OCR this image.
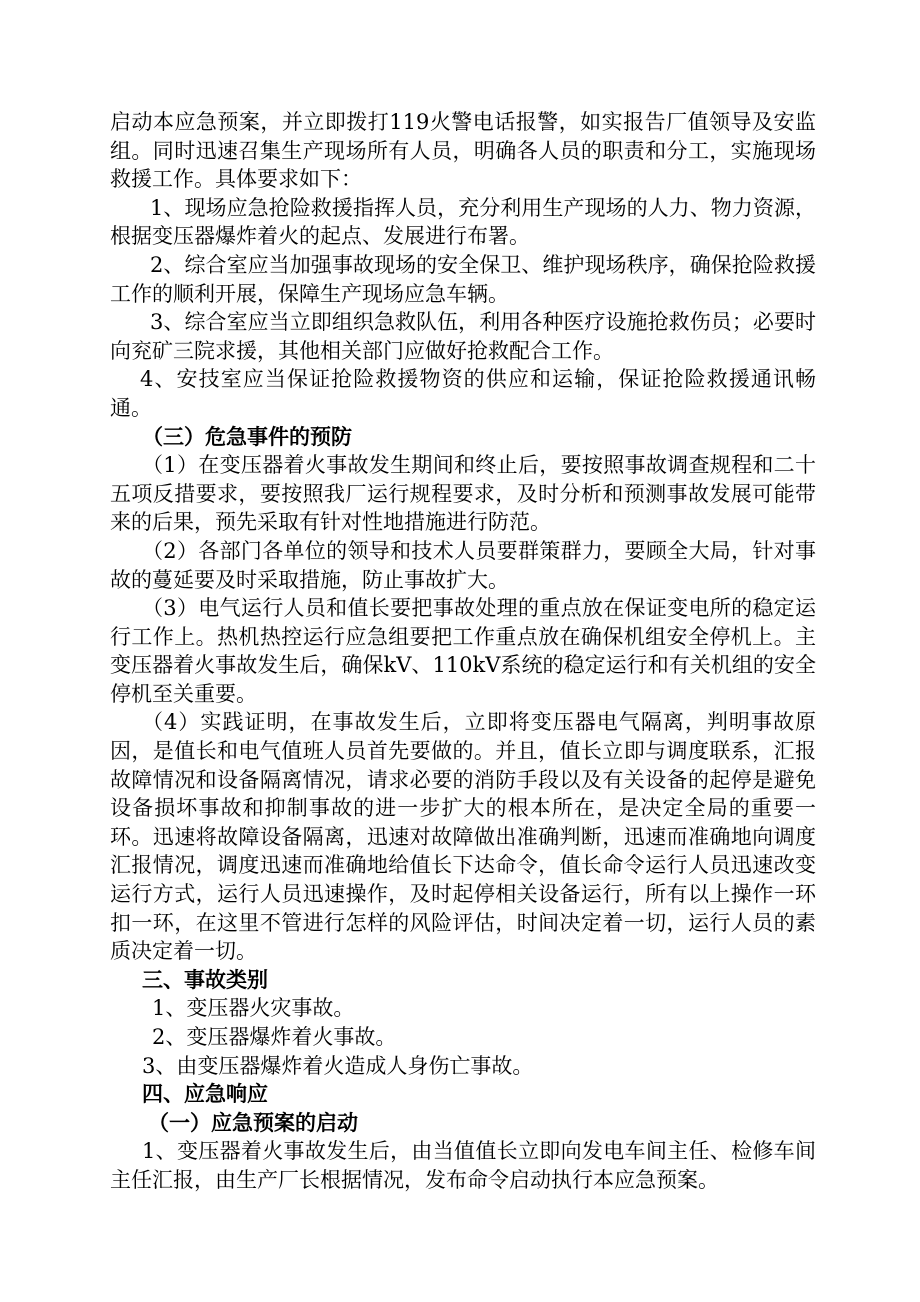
启动本应急预案，并立即拨打119火警电话报警，如实报告厂值领导及安监组。同时迅速召集生产现场所有人员，明确各人员的职责和分工，实施现场救援工作。具体要求如下：

1、现场应急抢险救援指挥人员，充分利用生产现场的人力、物力资源，根据变压器爆炸着火的起点、发展进行布署。

2、综合室应当加强事故现场的安全保卫、维护现场秩序，确保抢险救援工作的顺利开展，保障生产现场应急车辆。

3、综合室应当立即组织急救队伍，利用各种医疗设施抢救伤员；必要时向兖矿三院求援，其他相关部门应做好抢救配合工作。

4、安技室应当保证抢险救援物资的供应和运输，保证抢险救援通讯畅通。

（三）危急事件的预防

（1）在变压器着火事故发生期间和终止后，要按照事故调查规程和二十五项反措要求，要按照我厂运行规程要求，及时分析和预测事故发展可能带来的后果，预先采取有针对性地措施进行防范。

（2）各部门各单位的领导和技术人员要群策群力，要顾全大局，针对事故的蔓延要及时采取措施，防止事故扩大。

（3）电气运行人员和值长要把事故处理的重点放在保证变电所的稳定运行工作上。热机热控运行应急组要把工作重点放在确保机组安全停机上。主变压器着火事故发生后，确保kV、110kV系统的稳定运行和有关机组的安全停机至关重要。

（4）实践证明，在事故发生后，立即将变压器电气隔离，判明事故原因，是值长和电气值班人员首先要做的。并且，值长立即与调度联系，汇报故障情况和设备隔离情况，请求必要的消防手段以及有关设备的起停是避免设备损坏事故和抑制事故的进一步扩大的根本所在，是决定全局的重要一环。迅速将故障设备隔离，迅速对故障做出准确判断，迅速而准确地向调度汇报情况，调度迅速而准确地给值长下达命令，值长命令运行人员迅速改变运行方式，运行人员迅速操作，及时起停相关设备运行，所有以上操作一环扣一环，在这里不管进行怎样的风险评估，时间决定着一切，运行人员的素质决定着一切。

三、事故类别

1、变压器火灾事故。

2、变压器爆炸着火事故。

3、由变压器爆炸着火造成人身伤亡事故。

四、应急响应

（一）应急预案的启动

1、变压器着火事故发生后，由当值值长立即向发电车间主任、检修车间主任汇报，由生产厂长根据情况，发布命令启动执行本应急预案。
